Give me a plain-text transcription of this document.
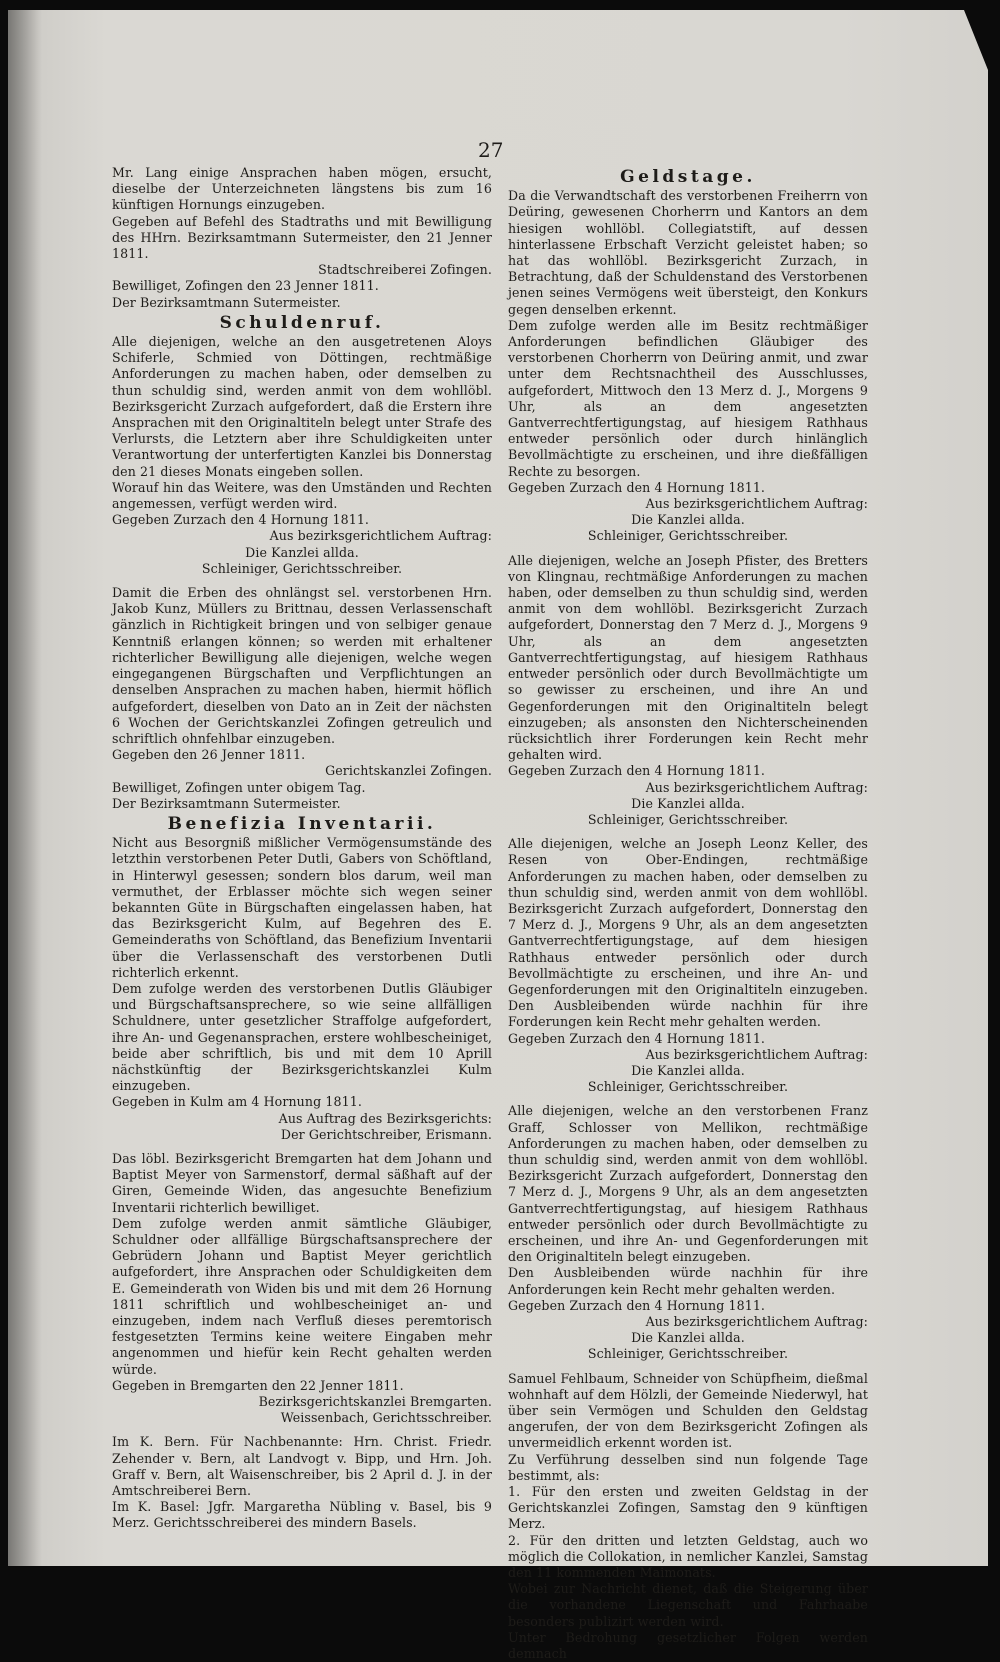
27

Mr. Lang einige Ansprachen haben mögen, ersucht, dieselbe der Unterzeichneten längstens bis zum 16 künftigen Hornungs einzugeben.

Gegeben auf Befehl des Stadtraths und mit Bewilligung des HHrn. Bezirksamtmann Sutermeister, den 21 Jenner 1811.

Stadtschreiberei Zofingen.

Bewilliget, Zofingen den 23 Jenner 1811.

Der Bezirksamtmann Sutermeister.

Schuldenruf.

Alle diejenigen, welche an den ausgetretenen Aloys Schiferle, Schmied von Döttingen, rechtmäßige Anforderungen zu machen haben, oder demselben zu thun schuldig sind, werden anmit von dem wohllöbl. Bezirksgericht Zurzach aufgefordert, daß die Erstern ihre Ansprachen mit den Originaltiteln belegt unter Strafe des Verlursts, die Letztern aber ihre Schuldigkeiten unter Verantwortung der unterfertigten Kanzlei bis Donnerstag den 21 dieses Monats eingeben sollen.

Worauf hin das Weitere, was den Umständen und Rechten angemessen, verfügt werden wird.

Gegeben Zurzach den 4 Hornung 1811.

Aus bezirksgerichtlichem Auftrag:

Die Kanzlei allda.

Schleiniger, Gerichtsschreiber.

Damit die Erben des ohnlängst sel. verstorbenen Hrn. Jakob Kunz, Müllers zu Brittnau, dessen Verlassenschaft gänzlich in Richtigkeit bringen und von selbiger genaue Kenntniß erlangen können; so werden mit erhaltener richterlicher Bewilligung alle diejenigen, welche wegen eingegangenen Bürgschaften und Verpflichtungen an denselben Ansprachen zu machen haben, hiermit höflich aufgefordert, dieselben von Dato an in Zeit der nächsten 6 Wochen der Gerichtskanzlei Zofingen getreulich und schriftlich ohnfehlbar einzugeben.

Gegeben den 26 Jenner 1811.

Gerichtskanzlei Zofingen.

Bewilliget, Zofingen unter obigem Tag.

Der Bezirksamtmann Sutermeister.

Benefizia Inventarii.

Nicht aus Besorgniß mißlicher Vermögensumstände des letzthin verstorbenen Peter Dutli, Gabers von Schöftland, in Hinterwyl gesessen; sondern blos darum, weil man vermuthet, der Erblasser möchte sich wegen seiner bekannten Güte in Bürgschaften eingelassen haben, hat das Bezirksgericht Kulm, auf Begehren des E. Gemeinderaths von Schöftland, das Benefizium Inventarii über die Verlassenschaft des verstorbenen Dutli richterlich erkennt.

Dem zufolge werden des verstorbenen Dutlis Gläubiger und Bürgschaftsansprechere, so wie seine allfälligen Schuldnere, unter gesetzlicher Straffolge aufgefordert, ihre An- und Gegenansprachen, erstere wohlbescheiniget, beide aber schriftlich, bis und mit dem 10 Aprill nächstkünftig der Bezirksgerichtskanzlei Kulm einzugeben.

Gegeben in Kulm am 4 Hornung 1811.

Aus Auftrag des Bezirksgerichts:

Der Gerichtschreiber, Erismann.

Das löbl. Bezirksgericht Bremgarten hat dem Johann und Baptist Meyer von Sarmenstorf, dermal säßhaft auf der Giren, Gemeinde Widen, das angesuchte Benefizium Inventarii richterlich bewilliget.

Dem zufolge werden anmit sämtliche Gläubiger, Schuldner oder allfällige Bürgschaftsansprechere der Gebrüdern Johann und Baptist Meyer gerichtlich aufgefordert, ihre Ansprachen oder Schuldigkeiten dem E. Gemeinderath von Widen bis und mit dem 26 Hornung 1811 schriftlich und wohlbescheiniget an- und einzugeben, indem nach Verfluß dieses peremtorisch festgesetzten Termins keine weitere Eingaben mehr angenommen und hiefür kein Recht gehalten werden würde.

Gegeben in Bremgarten den 22 Jenner 1811.

Bezirksgerichtskanzlei Bremgarten.

Weissenbach, Gerichtsschreiber.

Im K. Bern. Für Nachbenannte: Hrn. Christ. Friedr. Zehender v. Bern, alt Landvogt v. Bipp, und Hrn. Joh. Graff v. Bern, alt Waisenschreiber, bis 2 April d. J. in der Amtschreiberei Bern.

Im K. Basel: Jgfr. Margaretha Nübling v. Basel, bis 9 Merz. Gerichtsschreiberei des mindern Basels.

Geldstage.

Da die Verwandtschaft des verstorbenen Freiherrn von Deüring, gewesenen Chorherrn und Kantors an dem hiesigen wohllöbl. Collegiatstift, auf dessen hinterlassene Erbschaft Verzicht geleistet haben; so hat das wohllöbl. Bezirksgericht Zurzach, in Betrachtung, daß der Schuldenstand des Verstorbenen jenen seines Vermögens weit übersteigt, den Konkurs gegen denselben erkennt.

Dem zufolge werden alle im Besitz rechtmäßiger Anforderungen befindlichen Gläubiger des verstorbenen Chorherrn von Deüring anmit, und zwar unter dem Rechtsnachtheil des Ausschlusses, aufgefordert, Mittwoch den 13 Merz d. J., Morgens 9 Uhr, als an dem angesetzten Gantverrechtfertigungstag, auf hiesigem Rathhaus entweder persönlich oder durch hinlänglich Bevollmächtigte zu erscheinen, und ihre dießfälligen Rechte zu besorgen.

Gegeben Zurzach den 4 Hornung 1811.

Aus bezirksgerichtlichem Auftrag:

Die Kanzlei allda.

Schleiniger, Gerichtsschreiber.

Alle diejenigen, welche an Joseph Pfister, des Bretters von Klingnau, rechtmäßige Anforderungen zu machen haben, oder demselben zu thun schuldig sind, werden anmit von dem wohllöbl. Bezirksgericht Zurzach aufgefordert, Donnerstag den 7 Merz d. J., Morgens 9 Uhr, als an dem angesetzten Gantverrechtfertigungstag, auf hiesigem Rathhaus entweder persönlich oder durch Bevollmächtigte um so gewisser zu erscheinen, und ihre An und Gegenforderungen mit den Originaltiteln belegt einzugeben; als ansonsten den Nichterscheinenden rücksichtlich ihrer Forderungen kein Recht mehr gehalten wird.

Gegeben Zurzach den 4 Hornung 1811.

Aus bezirksgerichtlichem Auftrag:

Die Kanzlei allda.

Schleiniger, Gerichtsschreiber.

Alle diejenigen, welche an Joseph Leonz Keller, des Resen von Ober-Endingen, rechtmäßige Anforderungen zu machen haben, oder demselben zu thun schuldig sind, werden anmit von dem wohllöbl. Bezirksgericht Zurzach aufgefordert, Donnerstag den 7 Merz d. J., Morgens 9 Uhr, als an dem angesetzten Gantverrechtfertigungstage, auf dem hiesigen Rathhaus entweder persönlich oder durch Bevollmächtigte zu erscheinen, und ihre An- und Gegenforderungen mit den Originaltiteln einzugeben. Den Ausbleibenden würde nachhin für ihre Forderungen kein Recht mehr gehalten werden.

Gegeben Zurzach den 4 Hornung 1811.

Aus bezirksgerichtlichem Auftrag:

Die Kanzlei allda.

Schleiniger, Gerichtsschreiber.

Alle diejenigen, welche an den verstorbenen Franz Graff, Schlosser von Mellikon, rechtmäßige Anforderungen zu machen haben, oder demselben zu thun schuldig sind, werden anmit von dem wohllöbl. Bezirksgericht Zurzach aufgefordert, Donnerstag den 7 Merz d. J., Morgens 9 Uhr, als an dem angesetzten Gantverrechtfertigungstag, auf hiesigem Rathhaus entweder persönlich oder durch Bevollmächtigte zu erscheinen, und ihre An- und Gegenforderungen mit den Originaltiteln belegt einzugeben.

Den Ausbleibenden würde nachhin für ihre Anforderungen kein Recht mehr gehalten werden.

Gegeben Zurzach den 4 Hornung 1811.

Aus bezirksgerichtlichem Auftrag:

Die Kanzlei allda.

Schleiniger, Gerichtsschreiber.

Samuel Fehlbaum, Schneider von Schüpfheim, dießmal wohnhaft auf dem Hölzli, der Gemeinde Niederwyl, hat über sein Vermögen und Schulden den Geldstag angerufen, der von dem Bezirksgericht Zofingen als unvermeidlich erkennt worden ist.

Zu Verführung desselben sind nun folgende Tage bestimmt, als:

1. Für den ersten und zweiten Geldstag in der Gerichtskanzlei Zofingen, Samstag den 9 künftigen Merz.

2. Für den dritten und letzten Geldstag, auch wo möglich die Collokation, in nemlicher Kanzlei, Samstag den 11 kommenden Maimonats.

Wobei zur Nachricht dienet, daß die Steigerung über die vorhandene Liegenschaft und Fahrhaabe besonders publizirt werden wird.

Unter Bedrohung gesetzlicher Folgen werden demnach
